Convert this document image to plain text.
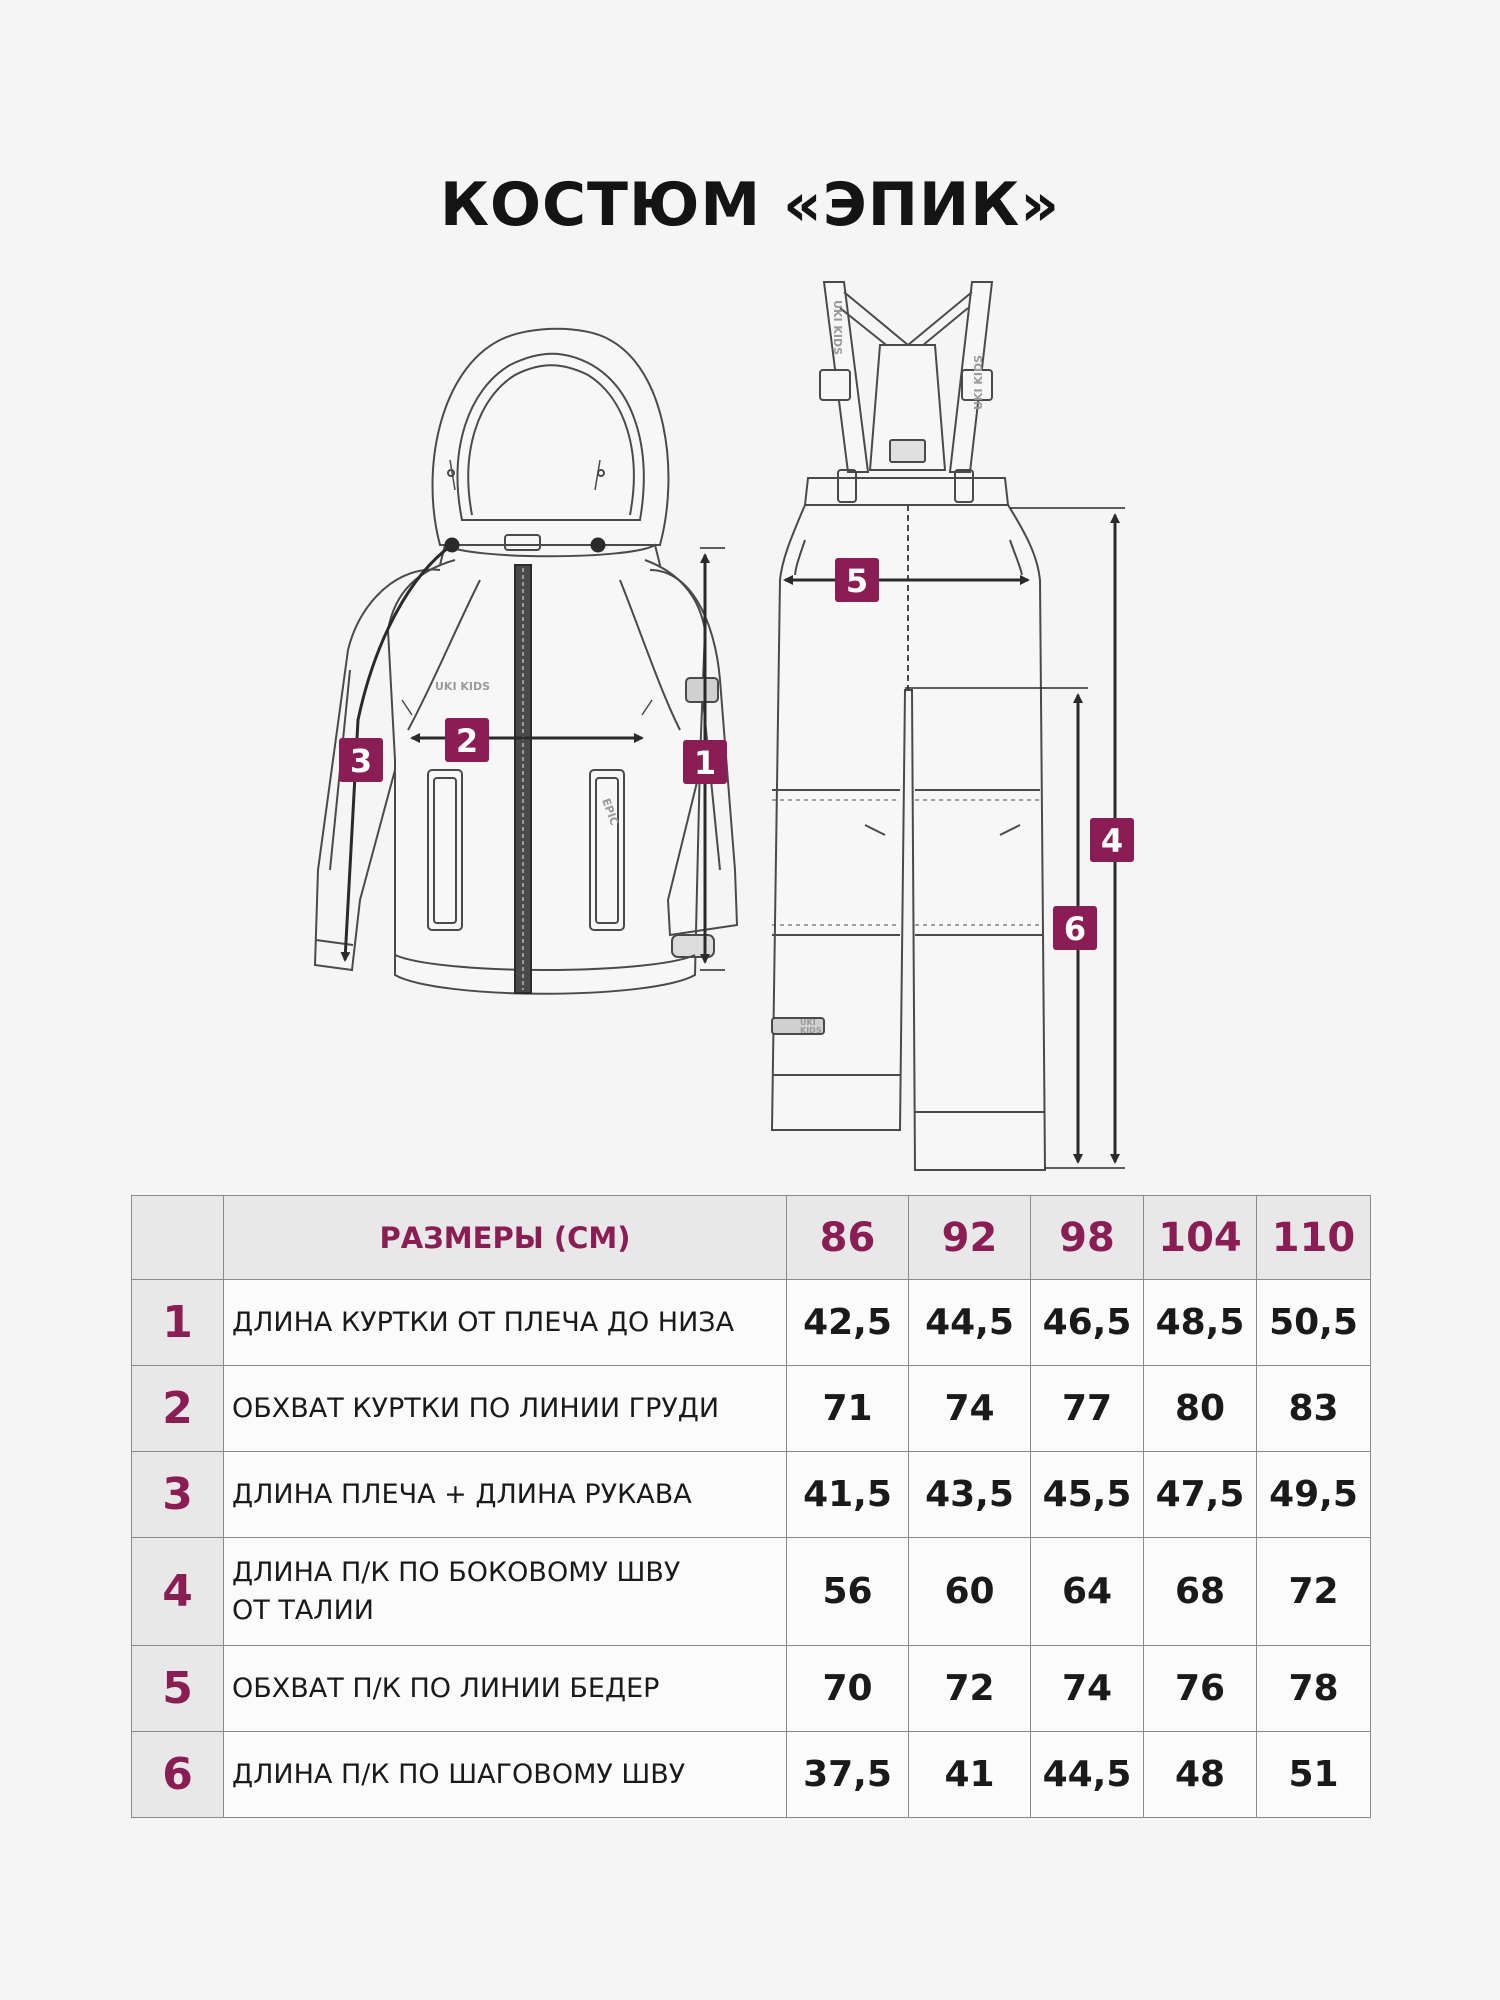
КОСТЮМ «ЭПИК»
UKI KIDS
EPIC
UKI KIDS
UKI KIDS
UKI
KIDS
1
2
3
4
5
6
	РАЗМЕРЫ (СМ)	86	92	98	104	110
1	ДЛИНА КУРТКИ ОТ ПЛЕЧА ДО НИЗА	42,5	44,5	46,5	48,5	50,5
2	ОБХВАТ КУРТКИ ПО ЛИНИИ ГРУДИ	71	74	77	80	83
3	ДЛИНА ПЛЕЧА + ДЛИНА РУКАВА	41,5	43,5	45,5	47,5	49,5
4	ДЛИНА П/К ПО БОКОВОМУ ШВУ ОТ ТАЛИИ	56	60	64	68	72
5	ОБХВАТ П/К ПО ЛИНИИ БЕДЕР	70	72	74	76	78
6	ДЛИНА П/К ПО ШАГОВОМУ ШВУ	37,5	41	44,5	48	51
